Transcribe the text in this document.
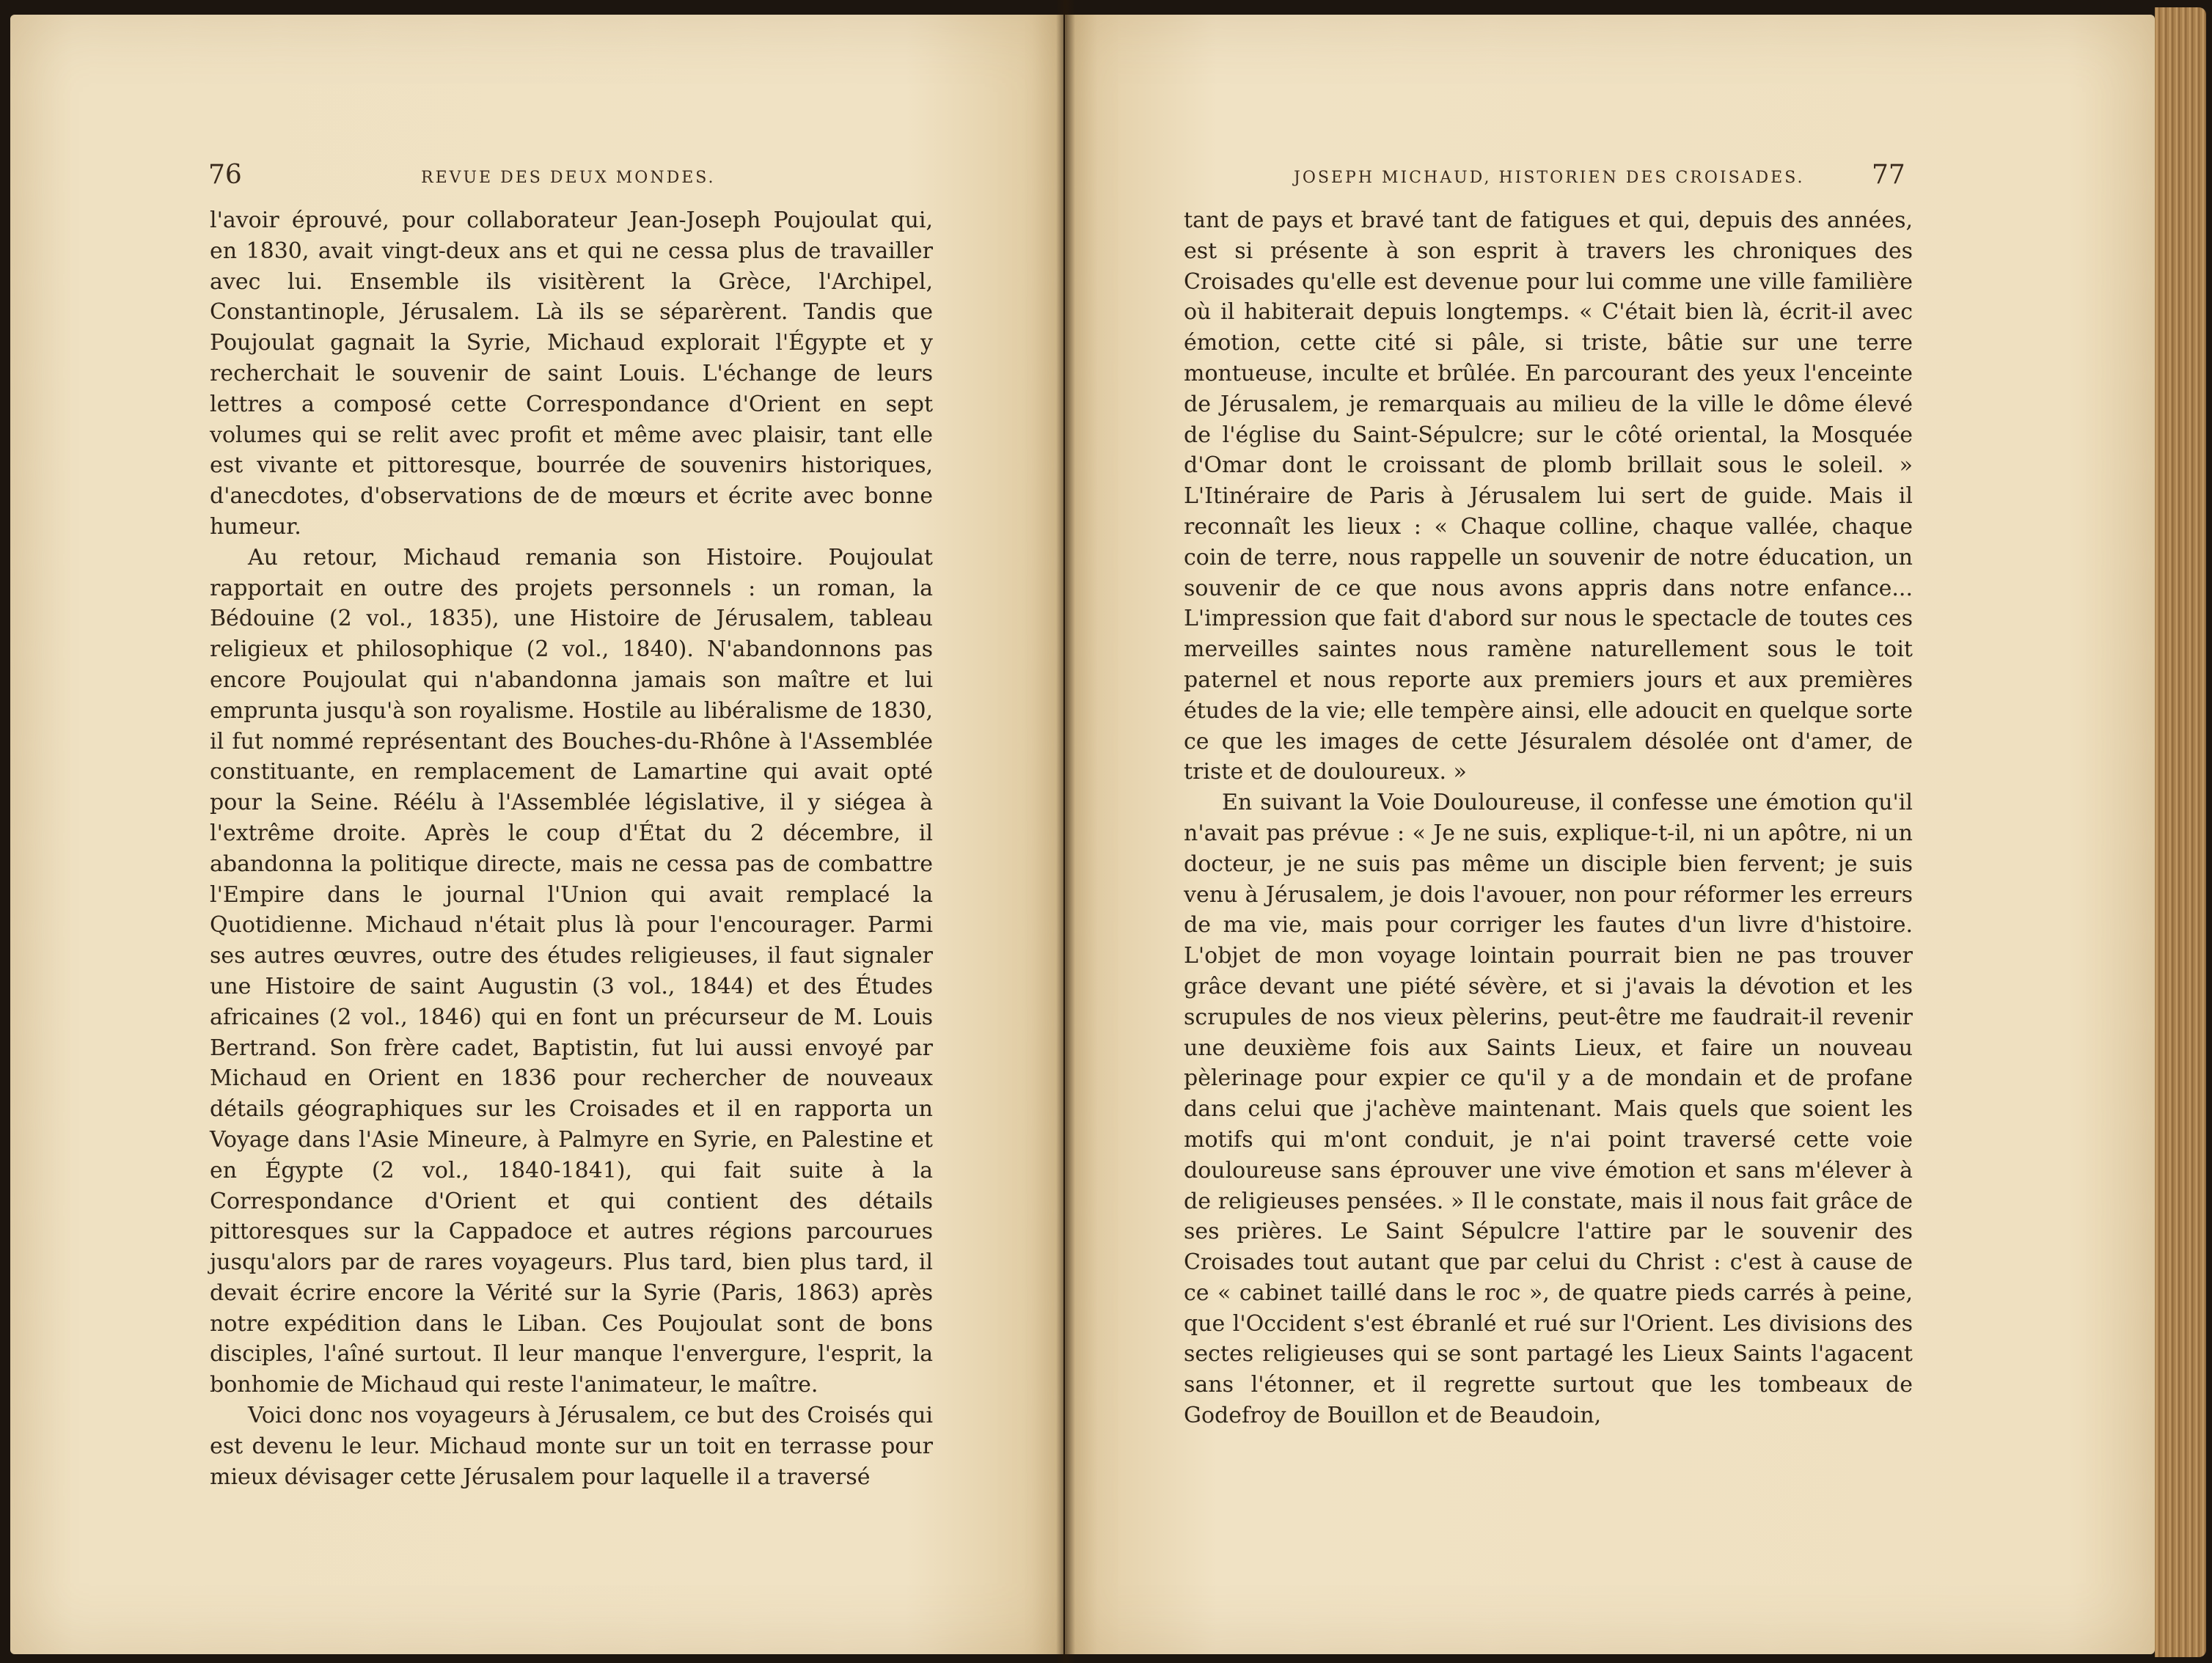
76	REVUE DES DEUX MONDES.	JOSEPH MICHAUD, HISTORIEN DES CROISADES.	77

l'avoir éprouvé, pour collaborateur Jean-Joseph Poujoulat qui, en 1830, avait vingt-deux ans et qui ne cessa plus de travailler avec lui. Ensemble ils visitèrent la Grèce, l'Archipel, Constantinople, Jérusalem. Là ils se séparèrent. Tandis que Poujoulat gagnait la Syrie, Michaud explorait l'Égypte et y recherchait le souvenir de saint Louis. L'échange de leurs lettres a composé cette Correspondance d'Orient en sept volumes qui se relit avec profit et même avec plaisir, tant elle est vivante et pittoresque, bourrée de souvenirs historiques, d'anecdotes, d'observations de de mœurs et écrite avec bonne humeur.

Au retour, Michaud remania son Histoire. Poujoulat rapportait en outre des projets personnels : un roman, la Bédouine (2 vol., 1835), une Histoire de Jérusalem, tableau religieux et philosophique (2 vol., 1840). N'abandonnons pas encore Poujoulat qui n'abandonna jamais son maître et lui emprunta jusqu'à son royalisme. Hostile au libéralisme de 1830, il fut nommé représentant des Bouches-du-Rhône à l'Assemblée constituante, en remplacement de Lamartine qui avait opté pour la Seine. Réélu à l'Assemblée législative, il y siégea à l'extrême droite. Après le coup d'État du 2 décembre, il abandonna la politique directe, mais ne cessa pas de combattre l'Empire dans le journal l'Union qui avait remplacé la Quotidienne. Michaud n'était plus là pour l'encourager. Parmi ses autres œuvres, outre des études religieuses, il faut signaler une Histoire de saint Augustin (3 vol., 1844) et des Études africaines (2 vol., 1846) qui en font un précurseur de M. Louis Bertrand. Son frère cadet, Baptistin, fut lui aussi envoyé par Michaud en Orient en 1836 pour rechercher de nouveaux détails géographiques sur les Croisades et il en rapporta un Voyage dans l'Asie Mineure, à Palmyre en Syrie, en Palestine et en Égypte (2 vol., 1840-1841), qui fait suite à la Correspondance d'Orient et qui contient des détails pittoresques sur la Cappadoce et autres régions parcourues jusqu'alors par de rares voyageurs. Plus tard, bien plus tard, il devait écrire encore la Vérité sur la Syrie (Paris, 1863) après notre expédition dans le Liban. Ces Poujoulat sont de bons disciples, l'aîné surtout. Il leur manque l'envergure, l'esprit, la bonhomie de Michaud qui reste l'animateur, le maître.

Voici donc nos voyageurs à Jérusalem, ce but des Croisés qui est devenu le leur. Michaud monte sur un toit en terrasse pour mieux dévisager cette Jérusalem pour laquelle il a traversé

tant de pays et bravé tant de fatigues et qui, depuis des années, est si présente à son esprit à travers les chroniques des Croisades qu'elle est devenue pour lui comme une ville familière où il habiterait depuis longtemps. « C'était bien là, écrit-il avec émotion, cette cité si pâle, si triste, bâtie sur une terre montueuse, inculte et brûlée. En parcourant des yeux l'enceinte de Jérusalem, je remarquais au milieu de la ville le dôme élevé de l'église du Saint-Sépulcre; sur le côté oriental, la Mosquée d'Omar dont le croissant de plomb brillait sous le soleil. » L'Itinéraire de Paris à Jérusalem lui sert de guide. Mais il reconnaît les lieux : « Chaque colline, chaque vallée, chaque coin de terre, nous rappelle un souvenir de notre éducation, un souvenir de ce que nous avons appris dans notre enfance... L'impression que fait d'abord sur nous le spectacle de toutes ces merveilles saintes nous ramène naturellement sous le toit paternel et nous reporte aux premiers jours et aux premières études de la vie; elle tempère ainsi, elle adoucit en quelque sorte ce que les images de cette Jésuralem désolée ont d'amer, de triste et de douloureux. »

En suivant la Voie Douloureuse, il confesse une émotion qu'il n'avait pas prévue : « Je ne suis, explique-t-il, ni un apôtre, ni un docteur, je ne suis pas même un disciple bien fervent; je suis venu à Jérusalem, je dois l'avouer, non pour réformer les erreurs de ma vie, mais pour corriger les fautes d'un livre d'histoire. L'objet de mon voyage lointain pourrait bien ne pas trouver grâce devant une piété sévère, et si j'avais la dévotion et les scrupules de nos vieux pèlerins, peut-être me faudrait-il revenir une deuxième fois aux Saints Lieux, et faire un nouveau pèlerinage pour expier ce qu'il y a de mondain et de profane dans celui que j'achève maintenant. Mais quels que soient les motifs qui m'ont conduit, je n'ai point traversé cette voie douloureuse sans éprouver une vive émotion et sans m'élever à de religieuses pensées. » Il le constate, mais il nous fait grâce de ses prières. Le Saint Sépulcre l'attire par le souvenir des Croisades tout autant que par celui du Christ : c'est à cause de ce « cabinet taillé dans le roc », de quatre pieds carrés à peine, que l'Occident s'est ébranlé et rué sur l'Orient. Les divisions des sectes religieuses qui se sont partagé les Lieux Saints l'agacent sans l'étonner, et il regrette surtout que les tombeaux de Godefroy de Bouillon et de Beaudoin,
